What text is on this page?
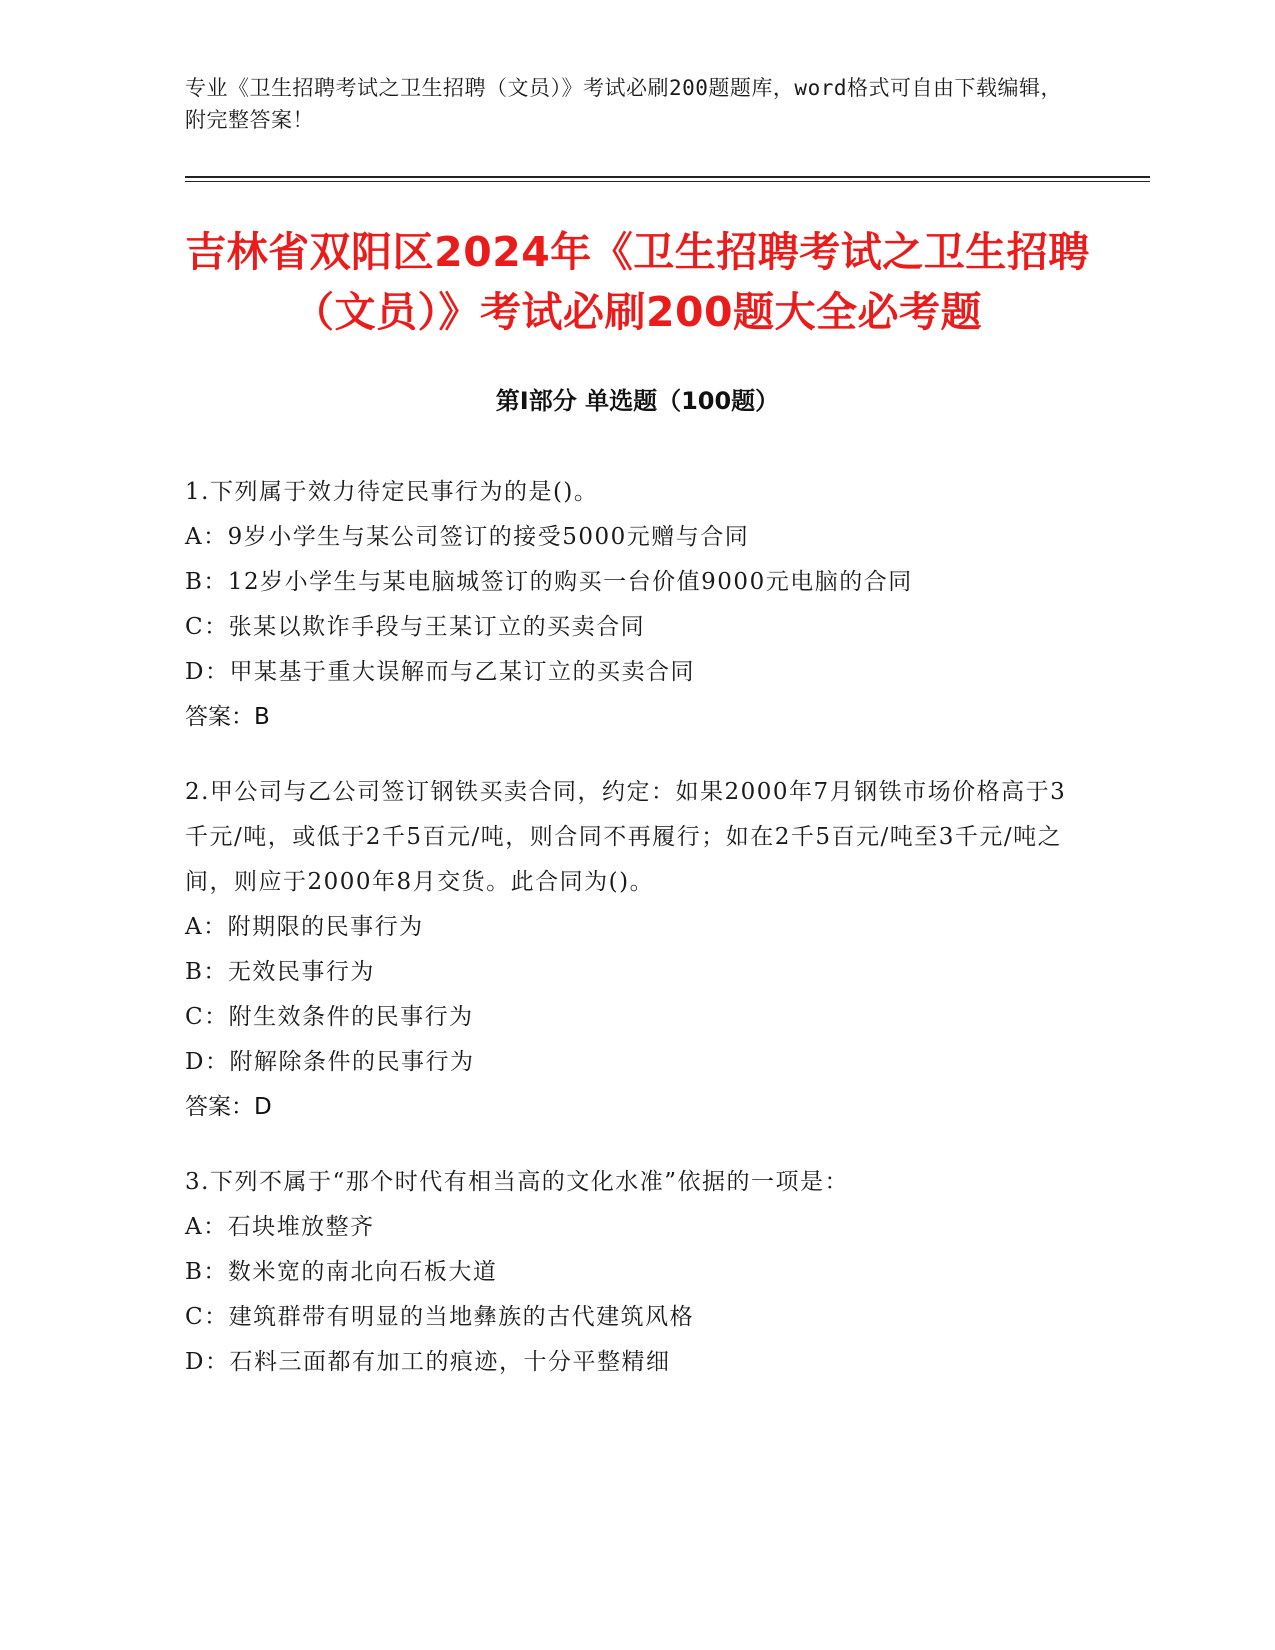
专业《卫生招聘考试之卫生招聘（文员）》考试必刷200题题库，word格式可自由下载编辑，附完整答案！
吉林省双阳区2024年《卫生招聘考试之卫生招聘（文员）》考试必刷200题大全必考题
第Ⅰ部分 单选题（100题）
1.下列属于效力待定民事行为的是()。
A：9岁小学生与某公司签订的接受5000元赠与合同
B：12岁小学生与某电脑城签订的购买一台价值9000元电脑的合同
C：张某以欺诈手段与王某订立的买卖合同
D：甲某基于重大误解而与乙某订立的买卖合同
答案：B
2.甲公司与乙公司签订钢铁买卖合同，约定：如果2000年7月钢铁市场价格高于3千元/吨，或低于2千5百元/吨，则合同不再履行；如在2千5百元/吨至3千元/吨之间，则应于2000年8月交货。此合同为()。
A：附期限的民事行为
B：无效民事行为
C：附生效条件的民事行为
D：附解除条件的民事行为
答案：D
3.下列不属于“那个时代有相当高的文化水准”依据的一项是：
A：石块堆放整齐
B：数米宽的南北向石板大道
C：建筑群带有明显的当地彝族的古代建筑风格
D：石料三面都有加工的痕迹，十分平整精细
